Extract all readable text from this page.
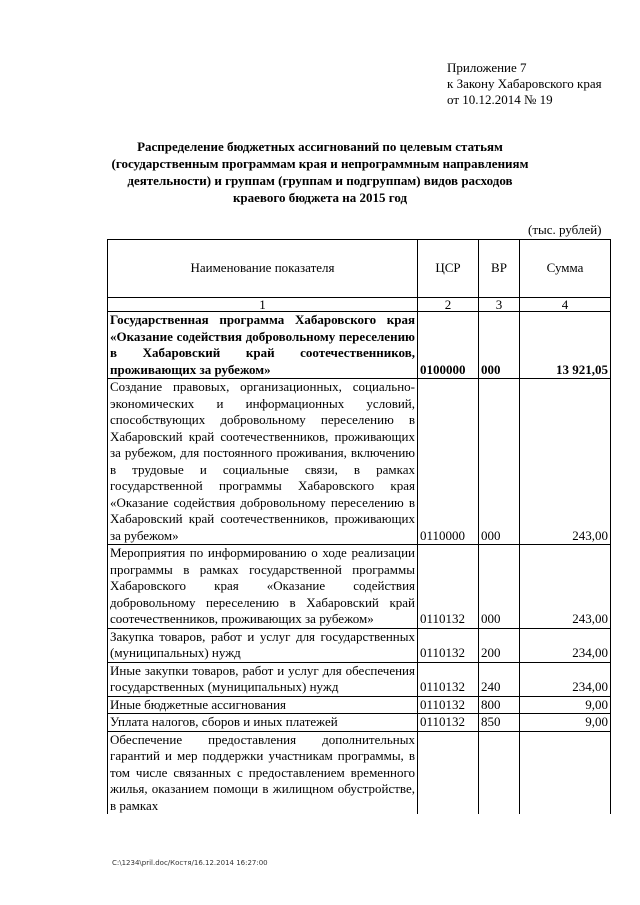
Приложение 7
к Закону Хабаровского края
от 10.12.2014 № 19
Распределение бюджетных ассигнований по целевым статьям (государственным программам края и непрограммным направлениям деятельности) и группам (группам и подгруппам) видов расходов краевого бюджета на 2015 год
(тыс. рублей)
Наименование показателя	ЦСР	ВР	Сумма
1	2	3	4
Государственная программа Хабаровского края «Оказание содействия добровольному переселению в Хабаровский край соотечественников, проживающих за рубежом»	0100000	000	13 921,05
Создание правовых, организационных, социально-экономических и информационных условий, способствующих добровольному переселению в Хабаровский край соотечественников, проживающих за рубежом, для постоянного проживания, включению в трудовые и социальные связи, в рамках государственной программы Хабаровского края «Оказание содействия добровольному переселению в Хабаровский край соотечественников, проживающих за рубежом»	0110000	000	243,00
Мероприятия по информированию о ходе реализации программы в рамках государственной программы Хабаровского края «Оказание содействия добровольному переселению в Хабаровский край соотечественников, проживающих за рубежом»	0110132	000	243,00
Закупка товаров, работ и услуг для государственных (муниципальных) нужд	0110132	200	234,00
Иные закупки товаров, работ и услуг для обеспечения государственных (муниципальных) нужд	0110132	240	234,00
Иные бюджетные ассигнования	0110132	800	9,00
Уплата налогов, сборов и иных платежей	0110132	850	9,00
Обеспечение предоставления дополнительных гарантий и мер поддержки участникам программы, в том числе связанных с предоставлением временного жилья, оказанием помощи в жилищном обустройстве, в рамках			
C:\1234\pril.doc/Костя/16.12.2014 16:27:00
